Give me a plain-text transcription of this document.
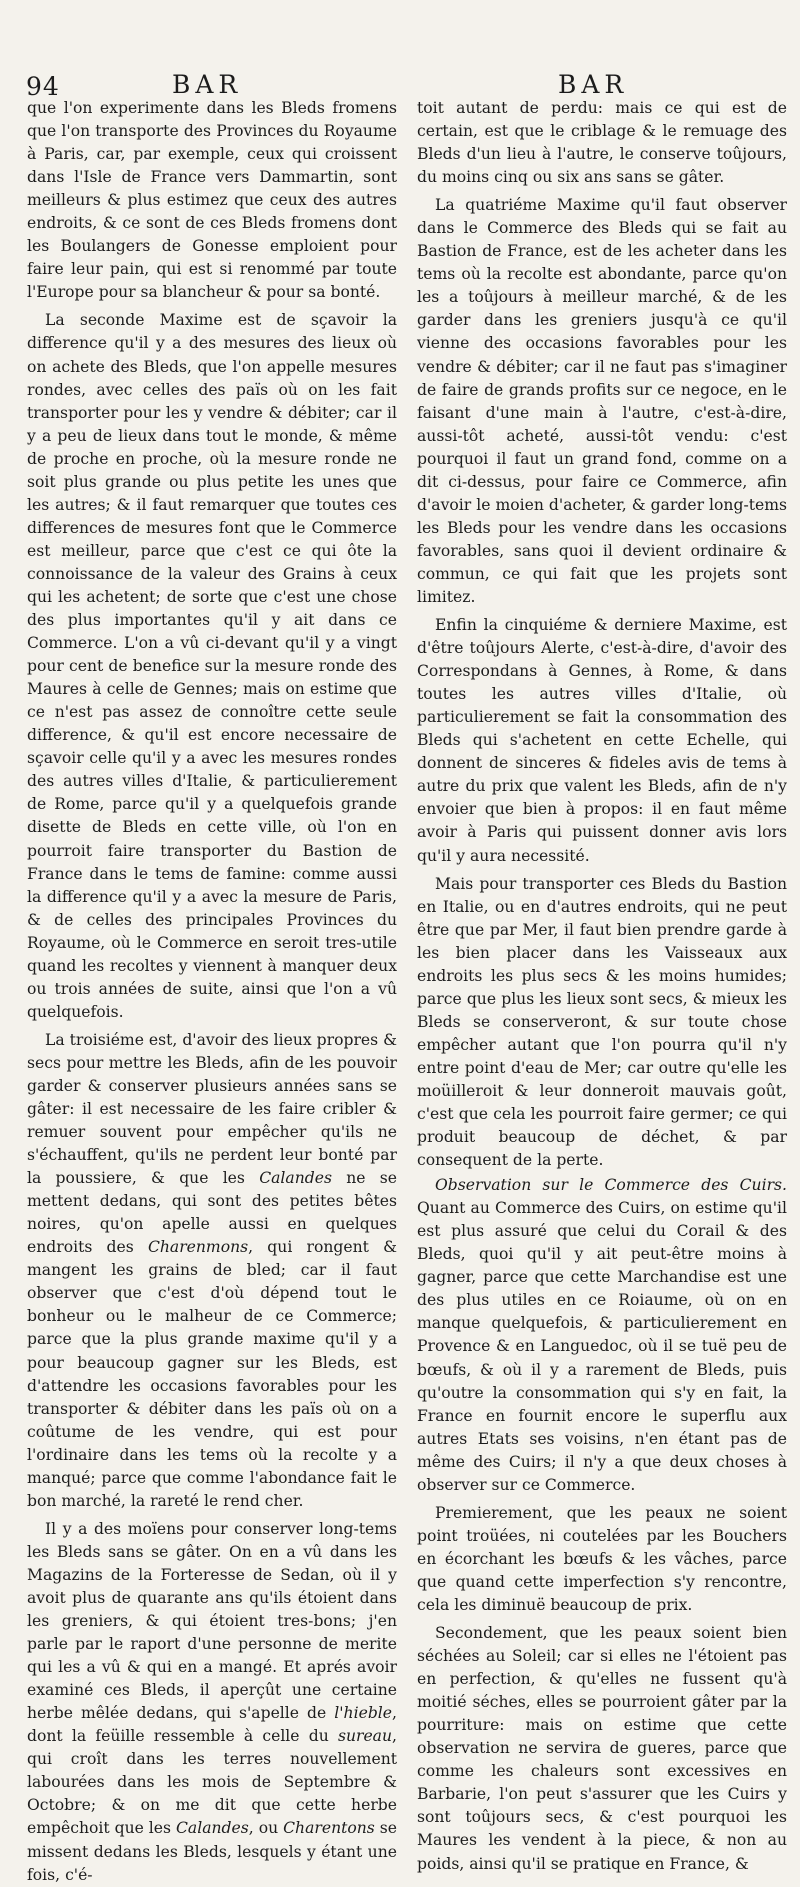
94	BAR	BAR

que l'on experimente dans les Bleds fromens que l'on transporte des Provinces du Royaume à Paris, car, par exemple, ceux qui croissent dans l'Isle de France vers Dammartin, sont meilleurs & plus estimez que ceux des autres endroits, & ce sont de ces Bleds fromens dont les Boulangers de Gonesse emploient pour faire leur pain, qui est si renommé par toute l'Europe pour sa blancheur & pour sa bonté.

La seconde Maxime est de sçavoir la difference qu'il y a des mesures des lieux où on achete des Bleds, que l'on appelle mesures rondes, avec celles des païs où on les fait transporter pour les y vendre & débiter; car il y a peu de lieux dans tout le monde, & même de proche en proche, où la mesure ronde ne soit plus grande ou plus petite les unes que les autres; & il faut remarquer que toutes ces differences de mesures font que le Commerce est meilleur, parce que c'est ce qui ôte la connoissance de la valeur des Grains à ceux qui les achetent; de sorte que c'est une chose des plus importantes qu'il y ait dans ce Commerce. L'on a vû ci-devant qu'il y a vingt pour cent de benefice sur la mesure ronde des Maures à celle de Gennes; mais on estime que ce n'est pas assez de connoître cette seule difference, & qu'il est encore necessaire de sçavoir celle qu'il y a avec les mesures rondes des autres villes d'Italie, & particulierement de Rome, parce qu'il y a quelquefois grande disette de Bleds en cette ville, où l'on en pourroit faire transporter du Bastion de France dans le tems de famine: comme aussi la difference qu'il y a avec la mesure de Paris, & de celles des principales Provinces du Royaume, où le Commerce en seroit tres-utile quand les recoltes y viennent à manquer deux ou trois années de suite, ainsi que l'on a vû quelquefois.

La troisiéme est, d'avoir des lieux propres & secs pour mettre les Bleds, afin de les pouvoir garder & conserver plusieurs années sans se gâter: il est necessaire de les faire cribler & remuer souvent pour empêcher qu'ils ne s'échauffent, qu'ils ne perdent leur bonté par la poussiere, & que les Calandes ne se mettent dedans, qui sont des petites bêtes noires, qu'on apelle aussi en quelques endroits des Charenтons, qui rongent & mangent les grains de bled; car il faut observer que c'est d'où dépend tout le bonheur ou le malheur de ce Commerce; parce que la plus grande maxime qu'il y a pour beaucoup gagner sur les Bleds, est d'attendre les occasions favorables pour les transporter & débiter dans les païs où on a coûtume de les vendre, qui est pour l'ordinaire dans les tems où la recolte y a manqué; parce que comme l'abondance fait le bon marché, la rareté le rend cher.

Il y a des moïens pour conserver long-tems les Bleds sans se gâter. On en a vû dans les Magazins de la Forteresse de Sedan, où il y avoit plus de quarante ans qu'ils étoient dans les greniers, & qui étoient tres-bons; j'en parle par le raport d'une personne de merite qui les a vû & qui en a mangé. Et aprés avoir examiné ces Bleds, il aperçût une certaine herbe mêlée dedans, qui s'apelle de l'hieble, dont la feüille ressemble à celle du sureau, qui croît dans les terres nouvellement labourées dans les mois de Septembre & Octobre; & on me dit que cette herbe empêchoit que les Calandes, ou Charentons se missent dedans les Bleds, lesquels y étant une fois, c'é-

toit autant de perdu: mais ce qui est de certain, est que le criblage & le remuage des Bleds d'un lieu à l'autre, le conserve toûjours, du moins cinq ou six ans sans se gâter.

La quatriéme Maxime qu'il faut observer dans le Commerce des Bleds qui se fait au Bastion de France, est de les acheter dans les tems où la recolte est abondante, parce qu'on les a toûjours à meilleur marché, & de les garder dans les greniers jusqu'à ce qu'il vienne des occasions favorables pour les vendre & débiter; car il ne faut pas s'imaginer de faire de grands profits sur ce negoce, en le faisant d'une main à l'autre, c'est-à-dire, aussi-tôt acheté, aussi-tôt vendu: c'est pourquoi il faut un grand fond, comme on a dit ci-dessus, pour faire ce Commerce, afin d'avoir le moien d'acheter, & garder long-tems les Bleds pour les vendre dans les occasions favorables, sans quoi il devient ordinaire & commun, ce qui fait que les projets sont limitez.

Enfin la cinquiéme & derniere Maxime, est d'être toûjours Alerte, c'est-à-dire, d'avoir des Correspondans à Gennes, à Rome, & dans toutes les autres villes d'Italie, où particulierement se fait la consommation des Bleds qui s'achetent en cette Echelle, qui donnent de sinceres & fideles avis de tems à autre du prix que valent les Bleds, afin de n'y envoier que bien à propos: il en faut même avoir à Paris qui puissent donner avis lors qu'il y aura necessité.

Mais pour transporter ces Bleds du Bastion en Italie, ou en d'autres endroits, qui ne peut être que par Mer, il faut bien prendre garde à les bien placer dans les Vaisseaux aux endroits les plus secs & les moins humides; parce que plus les lieux sont secs, & mieux les Bleds se conserveront, & sur toute chose empêcher autant que l'on pourra qu'il n'y entre point d'eau de Mer; car outre qu'elle les moüilleroit & leur donneroit mauvais goût, c'est que cela les pourroit faire germer; ce qui produit beaucoup de déchet, & par consequent de la perte.

Observation sur le Commerce des Cuirs. Quant au Commerce des Cuirs, on estime qu'il est plus assuré que celui du Corail & des Bleds, quoi qu'il y ait peut-être moins à gagner, parce que cette Marchandise est une des plus utiles en ce Roiaume, où on en manque quelquefois, & particulierement en Provence & en Languedoc, où il se tuë peu de bœufs, & où il y a rarement de Bleds, puis qu'outre la consommation qui s'y en fait, la France en fournit encore le superflu aux autres Etats ses voisins, n'en étant pas de même des Cuirs; il n'y a que deux choses à observer sur ce Commerce.

Premierement, que les peaux ne soient point troüées, ni coutelées par les Bouchers en écorchant les bœufs & les vâches, parce que quand cette imperfection s'y rencontre, cela les diminuë beaucoup de prix.

Secondement, que les peaux soient bien séchées au Soleil; car si elles ne l'étoient pas en perfection, & qu'elles ne fussent qu'à moitié séches, elles se pourroient gâter par la pourriture: mais on estime que cette observation ne servira de gueres, parce que comme les chaleurs sont excessives en Barbarie, l'on peut s'assurer que les Cuirs y sont toûjours secs, & c'est pourquoi les Maures les vendent à la piece, & non au poids, ainsi qu'il se pratique en France, &
